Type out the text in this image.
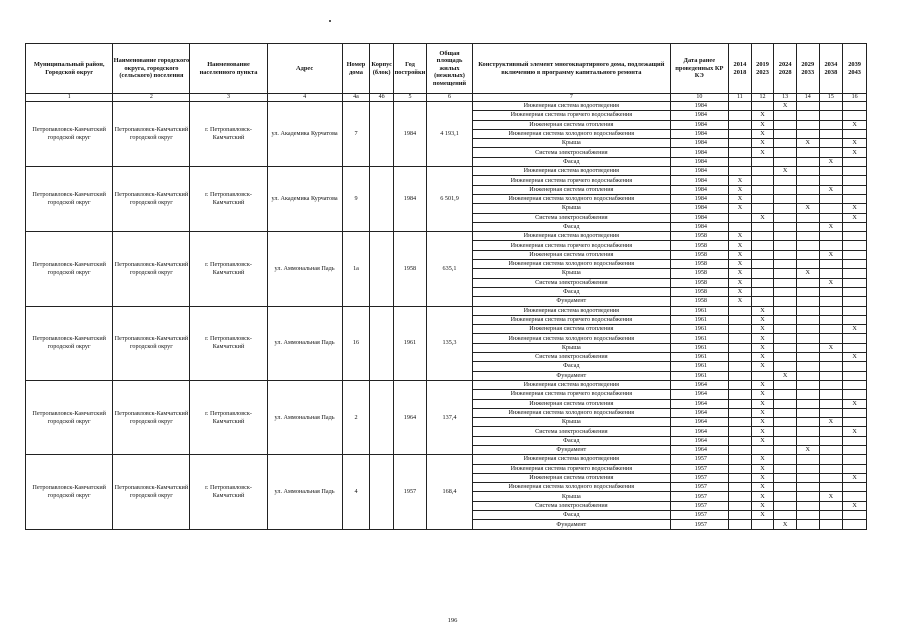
Муниципальный район, Городской округ	Наименование городского округа, городского (сельского) поселения	Наименование населенного пункта	Адрес	Номер дома	Корпус (блок)	Год постройки	Общая площадь жилых (нежилых) помещений	Конструктивный элемент многоквартирного дома, подлежащий включению в программу капитального ремонта	Дата ранее проведенных КР КЭ	2014 2018	2019 2023	2024 2028	2029 2033	2034 2038	2039 2043
1	2	3	4	4а	4б	5	6	7	10	11	12	13	14	15	16
Петропавловск-Камчатский городской округ	Петропавловск-Камчатский городской округ	г. Петропавловск-Камчатский	ул. Академика Курчатова	7		1984	4 193,1	Инженерная система водоотведения	1984			X			
								Инженерная система горячего водоснабжения	1984		X				
								Инженерная система отопления	1984		X				X
								Инженерная система холодного водоснабжения	1984		X				
								Крыша	1984		X		X		X
								Система электроснабжения	1984		X				X
								Фасад	1984					X	
Петропавловск-Камчатский городской округ	Петропавловск-Камчатский городской округ	г. Петропавловск-Камчатский	ул. Академика Курчатова	9		1984	6 501,9	Инженерная система водоотведения	1984			X			
								Инженерная система горячего водоснабжения	1984	X					
								Инженерная система отопления	1984	X				X	
								Инженерная система холодного водоснабжения	1984	X					
								Крыша	1984	X			X		X
								Система электроснабжения	1984		X				X
								Фасад	1984					X	
Петропавловск-Камчатский городской округ	Петропавловск-Камчатский городской округ	г. Петропавловск-Камчатский	ул. Аммональная Падь	1а		1958	635,1	Инженерная система водоотведения	1958	X					
								Инженерная система горячего водоснабжения	1958	X					
								Инженерная система отопления	1958	X				X	
								Инженерная система холодного водоснабжения	1958	X					
								Крыша	1958	X			X		
								Система электроснабжения	1958	X				X	
								Фасад	1958	X					
								Фундамент	1958	X					
Петропавловск-Камчатский городской округ	Петропавловск-Камчатский городской округ	г. Петропавловск-Камчатский	ул. Аммональная Падь	16		1961	135,3	Инженерная система водоотведения	1961		X				
								Инженерная система горячего водоснабжения	1961		X				
								Инженерная система отопления	1961		X				X
								Инженерная система холодного водоснабжения	1961		X				
								Крыша	1961		X			X	
								Система электроснабжения	1961		X				X
								Фасад	1961		X				
								Фундамент	1961			X			
Петропавловск-Камчатский городской округ	Петропавловск-Камчатский городской округ	г. Петропавловск-Камчатский	ул. Аммональная Падь	2		1964	137,4	Инженерная система водоотведения	1964		X				
								Инженерная система горячего водоснабжения	1964		X				
								Инженерная система отопления	1964		X				X
								Инженерная система холодного водоснабжения	1964		X				
								Крыша	1964		X			X	
								Система электроснабжения	1964		X				X
								Фасад	1964		X				
								Фундамент	1964				X		
Петропавловск-Камчатский городской округ	Петропавловск-Камчатский городской округ	г. Петропавловск-Камчатский	ул. Аммональная Падь	4		1957	168,4	Инженерная система водоотведения	1957		X				
								Инженерная система горячего водоснабжения	1957		X				
								Инженерная система отопления	1957		X				X
								Инженерная система холодного водоснабжения	1957		X				
								Крыша	1957		X			X	
								Система электроснабжения	1957		X				X
								Фасад	1957		X				
								Фундамент	1957			X			
196
